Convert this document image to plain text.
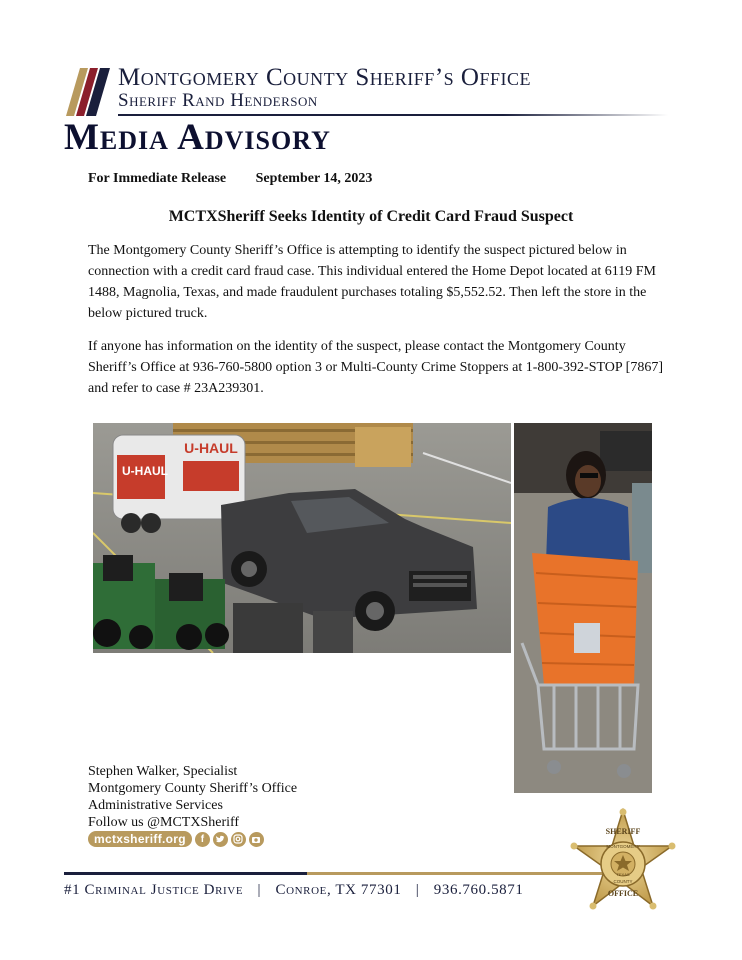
Montgomery County Sheriff’s Office
Sheriff Rand Henderson
Media Advisory
For Immediate Release September 14, 2023
MCTXSheriff Seeks Identity of Credit Card Fraud Suspect
The Montgomery County Sheriff’s Office is attempting to identify the suspect pictured below in connection with a credit card fraud case. This individual entered the Home Depot located at 6119 FM 1488, Magnolia, Texas, and made fraudulent purchases totaling $5,552.52. Then left the store in the below pictured truck.
If anyone has information on the identity of the suspect, please contact the Montgomery County Sheriff’s Office at 936-760-5800 option 3 or Multi-County Crime Stoppers at 1-800-392-STOP [7867] and refer to case # 23A239301.
U-HAUL
U-HAUL
Stephen Walker, Specialist
Montgomery County Sheriff’s Office
Administrative Services
Follow us @MCTXSheriff
mctxsheriff.org	f
#1 Criminal Justice Drive | Conroe, TX 77301 | 936.760.5871
SHERIFF
MONTGOMERY
TEXAS
COUNTY
OFFICE
